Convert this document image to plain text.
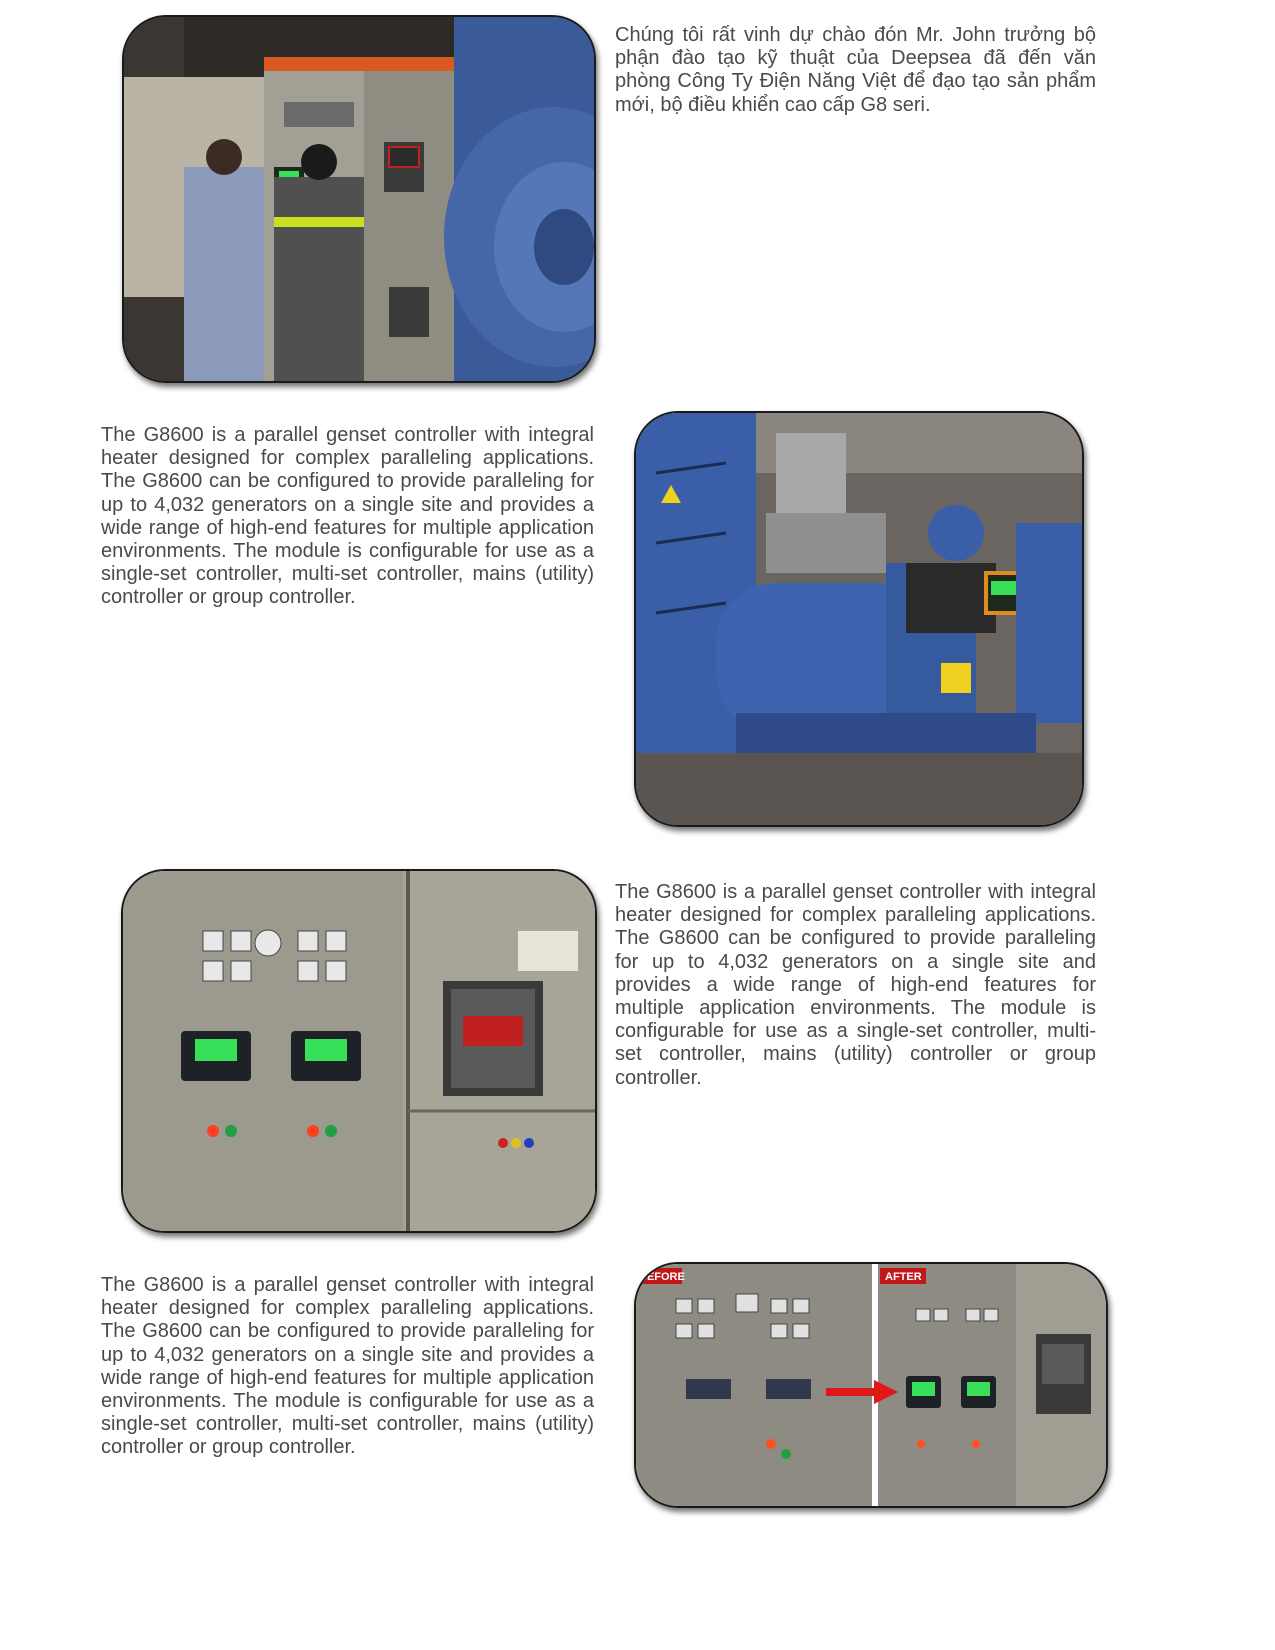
Chúng tôi rất vinh dự chào đón Mr. John trưởng bộ phận đào tạo kỹ thuật của Deepsea đã đến văn phòng Công Ty Điện Năng Việt để đạo tạo sản phẩm mới, bộ điều khiển cao cấp G8 seri.

The G8600 is a parallel genset controller with integral heater designed for complex paralleling applications. The G8600 can be configured to provide paralleling for up to 4,032 generators on a single site and provides a wide range of high-end features for multiple application environments. The module is configurable for use as a single-set controller, multi-set controller, mains (utility) controller or group controller.

The G8600 is a parallel genset controller with integral heater designed for complex paralleling applications. The G8600 can be configured to provide paralleling for up to 4,032 generators on a single site and provides a wide range of high-end features for multiple application environments. The module is configurable for use as a single-set controller, multi-set controller, mains (utility) controller or group controller.

The G8600 is a parallel genset controller with integral heater designed for complex paralleling applications. The G8600 can be configured to provide paralleling for up to 4,032 generators on a single site and provides a wide range of high-end features for multiple application environments. The module is configurable for use as a single-set controller, multi-set controller, mains (utility) controller or group controller.

BEFORE	AFTER
